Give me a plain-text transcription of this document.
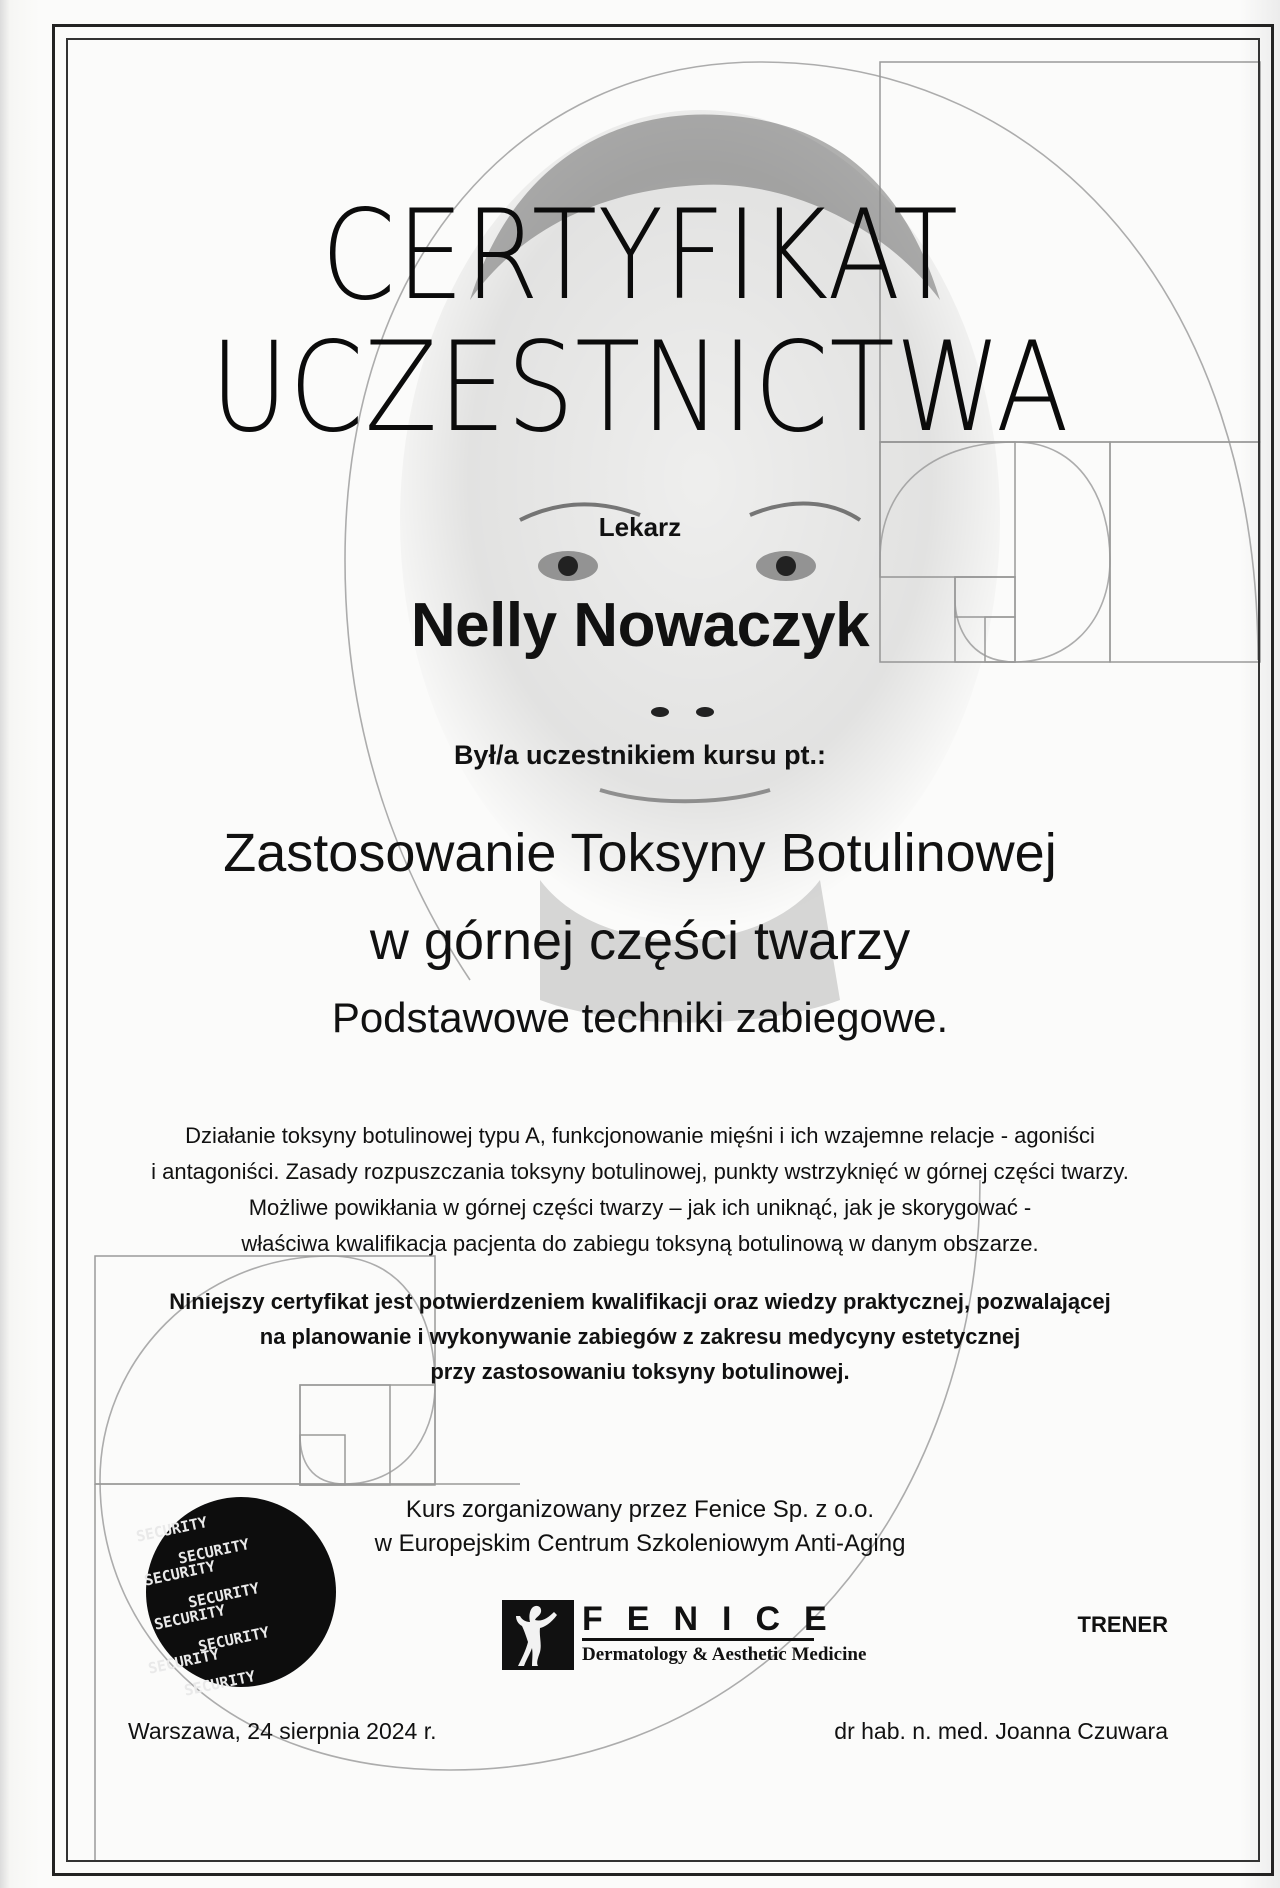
CERTYFIKAT
UCZESTNICTWA
Lekarz
Nelly Nowaczyk
Był/a uczestnikiem kursu pt.:
Zastosowanie Toksyny Botulinowej
w górnej części twarzy
Podstawowe techniki zabiegowe.
Działanie toksyny botulinowej typu A, funkcjonowanie mięśni i ich wzajemne relacje - agoniści
i antagoniści. Zasady rozpuszczania toksyny botulinowej, punkty wstrzyknięć w górnej części twarzy.
Możliwe powikłania w górnej części twarzy – jak ich uniknąć, jak je skorygować -
właściwa kwalifikacja pacjenta do zabiegu toksyną botulinową w danym obszarze.
Niniejszy certyfikat jest potwierdzeniem kwalifikacji oraz wiedzy praktycznej, pozwalającej
na planowanie i wykonywanie zabiegów z zakresu medycyny estetycznej
przy zastosowaniu toksyny botulinowej.
Kurs zorganizowany przez Fenice Sp. z o.o.
w Europejskim Centrum Szkoleniowym Anti-Aging
SECURITY
SECURITY
SECURITY
SECURITY
SECURITY
SECURITY
SECURITY
SECURITY
FENICE
Dermatology & Aesthetic Medicine
Warszawa, 24 sierpnia 2024 r.
TRENER
dr hab. n. med. Joanna Czuwara
